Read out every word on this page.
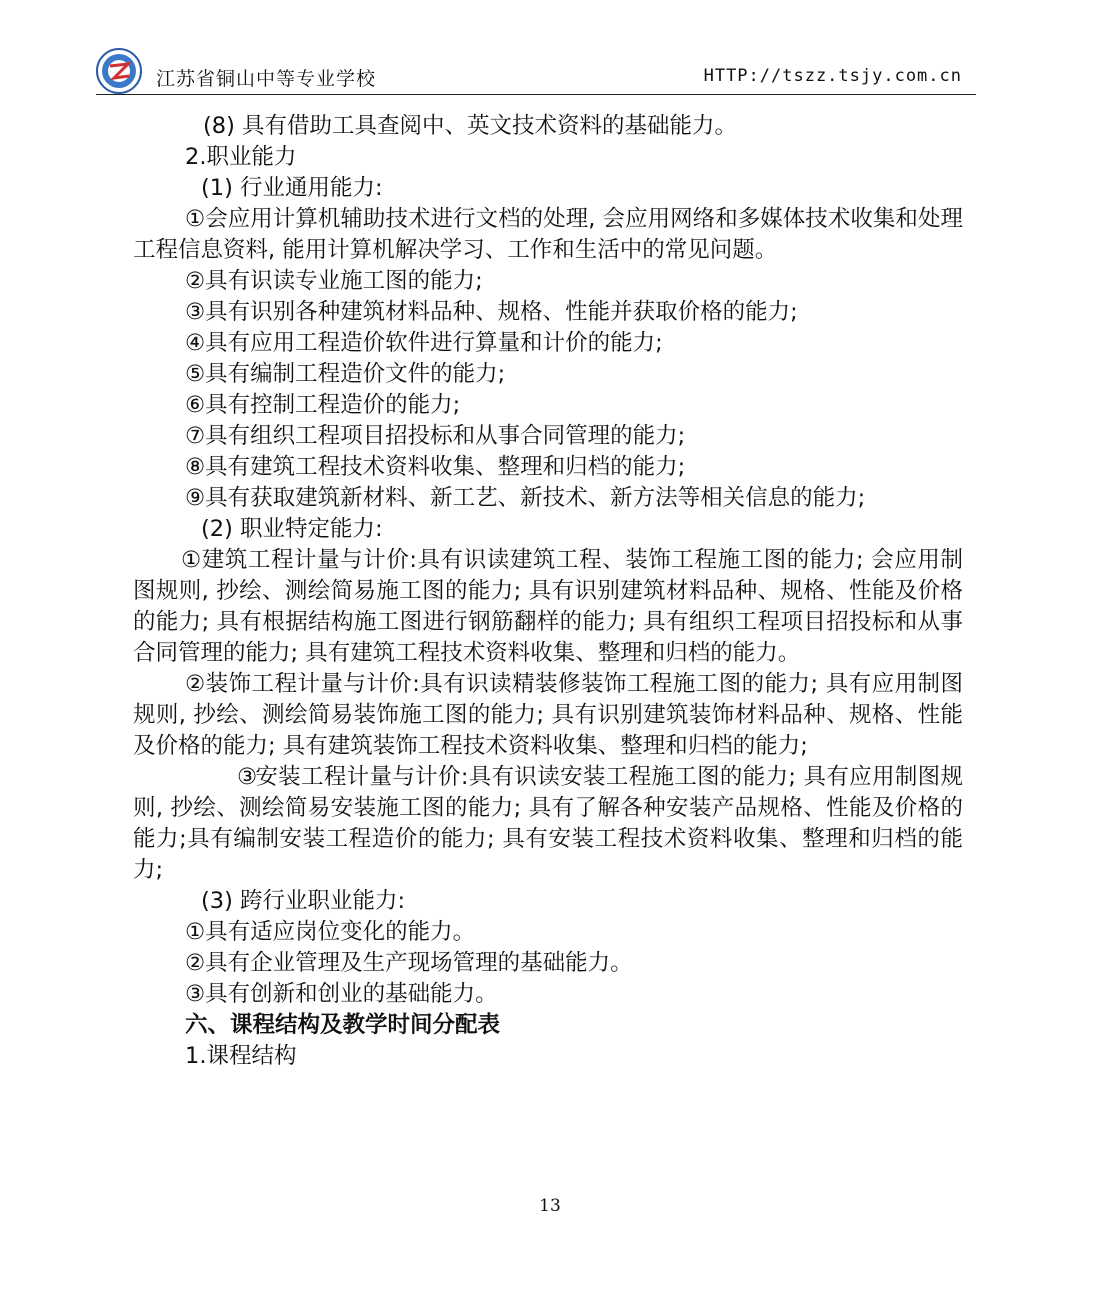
江苏省铜山中等专业学校	HTTP://tszz.tsjy.com.cn

(8) 具有借助工具查阅中、英文技术资料的基础能力。

2.职业能力

(1) 行业通用能力:

①会应用计算机辅助技术进行文档的处理, 会应用网络和多媒体技术收集和处理工程信息资料, 能用计算机解决学习、工作和生活中的常见问题。

②具有识读专业施工图的能力;

③具有识别各种建筑材料品种、规格、性能并获取价格的能力;

④具有应用工程造价软件进行算量和计价的能力;

⑤具有编制工程造价文件的能力;

⑥具有控制工程造价的能力;

⑦具有组织工程项目招投标和从事合同管理的能力;

⑧具有建筑工程技术资料收集、整理和归档的能力;

⑨具有获取建筑新材料、新工艺、新技术、新方法等相关信息的能力;

(2) 职业特定能力:

①建筑工程计量与计价:具有识读建筑工程、装饰工程施工图的能力; 会应用制图规则, 抄绘、测绘简易施工图的能力; 具有识别建筑材料品种、规格、性能及价格的能力; 具有根据结构施工图进行钢筋翻样的能力; 具有组织工程项目招投标和从事合同管理的能力; 具有建筑工程技术资料收集、整理和归档的能力。

②装饰工程计量与计价:具有识读精装修装饰工程施工图的能力; 具有应用制图规则, 抄绘、测绘简易装饰施工图的能力; 具有识别建筑装饰材料品种、规格、性能及价格的能力; 具有建筑装饰工程技术资料收集、整理和归档的能力;

③安装工程计量与计价:具有识读安装工程施工图的能力; 具有应用制图规则, 抄绘、测绘简易安装施工图的能力; 具有了解各种安装产品规格、性能及价格的能力;具有编制安装工程造价的能力; 具有安装工程技术资料收集、整理和归档的能力;

(3) 跨行业职业能力:

①具有适应岗位变化的能力。

②具有企业管理及生产现场管理的基础能力。

③具有创新和创业的基础能力。

六、课程结构及教学时间分配表

1.课程结构

13
